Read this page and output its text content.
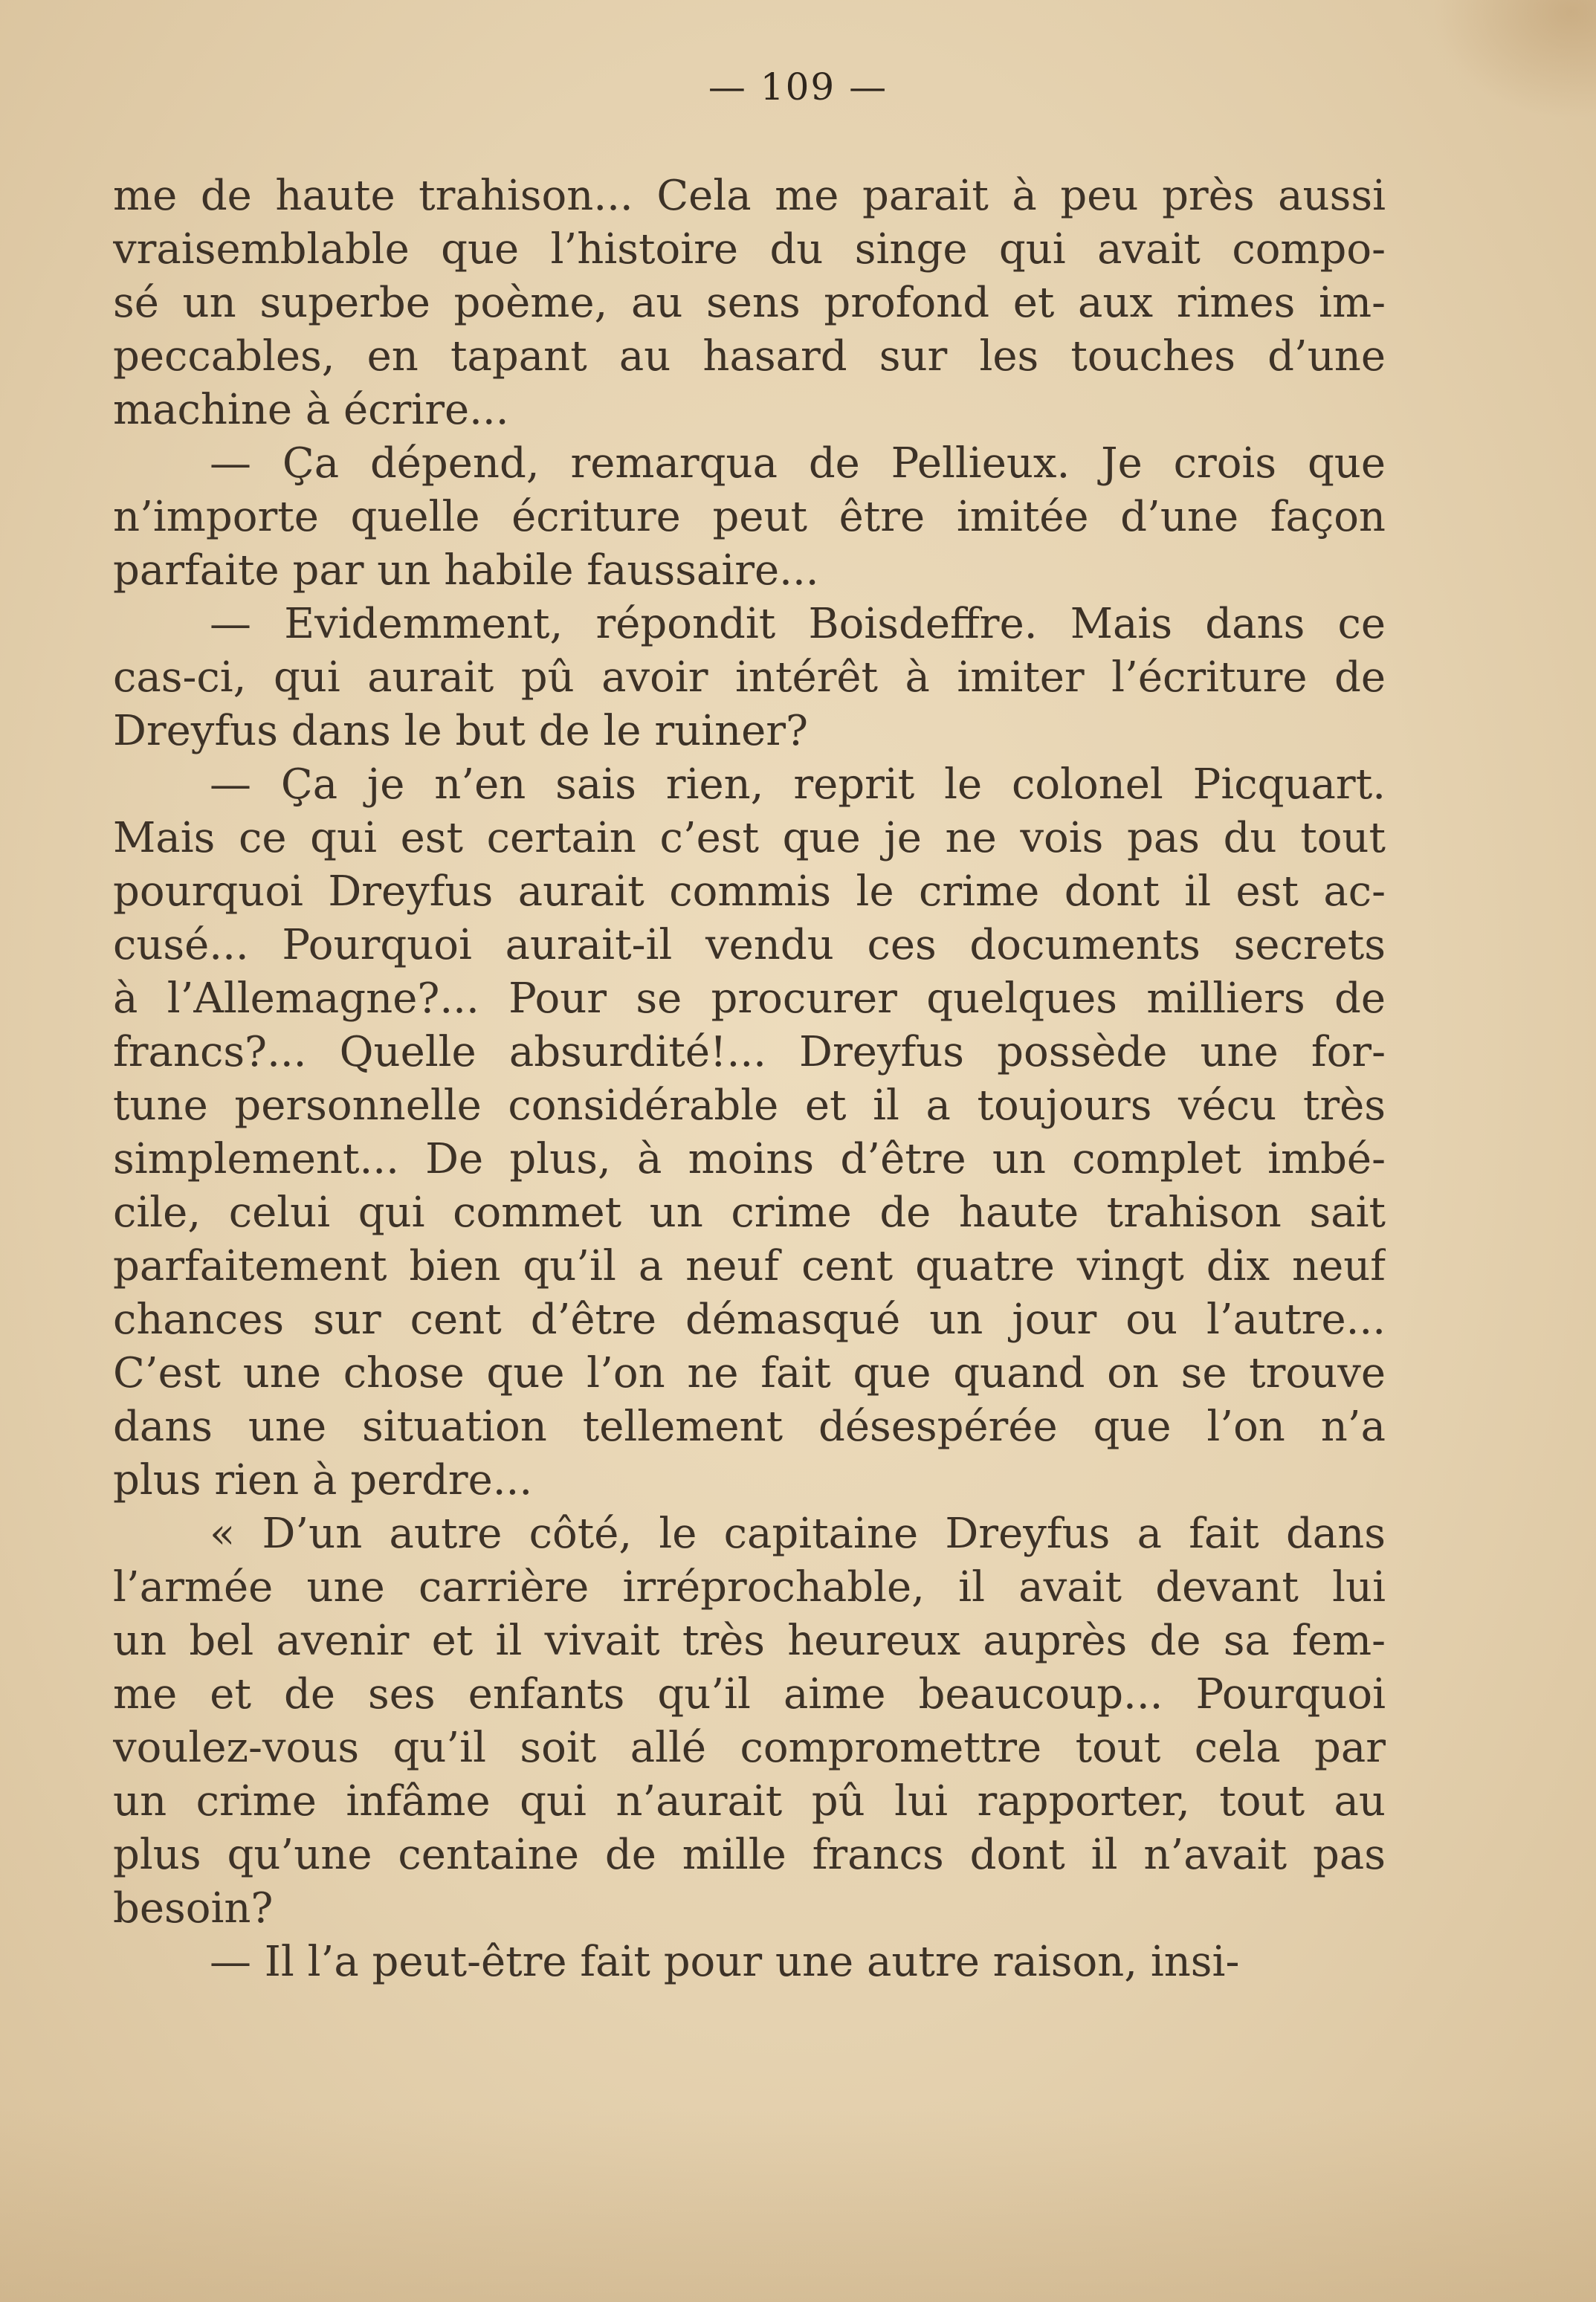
— 109 —
me de haute trahison... Cela me parait à peu près aussi
vraisemblable que l’histoire du singe qui avait compo-
sé un superbe poème, au sens profond et aux rimes im-
peccables, en tapant au hasard sur les touches d’une
machine à écrire...
— Ça dépend, remarqua de Pellieux. Je crois que
n’importe quelle écriture peut être imitée d’une façon
parfaite par un habile faussaire...
— Evidemment, répondit Boisdeffre. Mais dans ce
cas-ci, qui aurait pû avoir intérêt à imiter l’écriture de
Dreyfus dans le but de le ruiner?
— Ça je n’en sais rien, reprit le colonel Picquart.
Mais ce qui est certain c’est que je ne vois pas du tout
pourquoi Dreyfus aurait commis le crime dont il est ac-
cusé... Pourquoi aurait-il vendu ces documents secrets
à l’Allemagne?... Pour se procurer quelques milliers de
francs?... Quelle absurdité!... Dreyfus possède une for-
tune personnelle considérable et il a toujours vécu très
simplement... De plus, à moins d’être un complet imbé-
cile, celui qui commet un crime de haute trahison sait
parfaitement bien qu’il a neuf cent quatre vingt dix neuf
chances sur cent d’être démasqué un jour ou l’autre...
C’est une chose que l’on ne fait que quand on se trouve
dans une situation tellement désespérée que l’on n’a
plus rien à perdre...
« D’un autre côté, le capitaine Dreyfus a fait dans
l’armée une carrière irréprochable, il avait devant lui
un bel avenir et il vivait très heureux auprès de sa fem-
me et de ses enfants qu’il aime beaucoup... Pourquoi
voulez-vous qu’il soit allé compromettre tout cela par
un crime infâme qui n’aurait pû lui rapporter, tout au
plus qu’une centaine de mille francs dont il n’avait pas
besoin?
— Il l’a peut-être fait pour une autre raison, insi-
